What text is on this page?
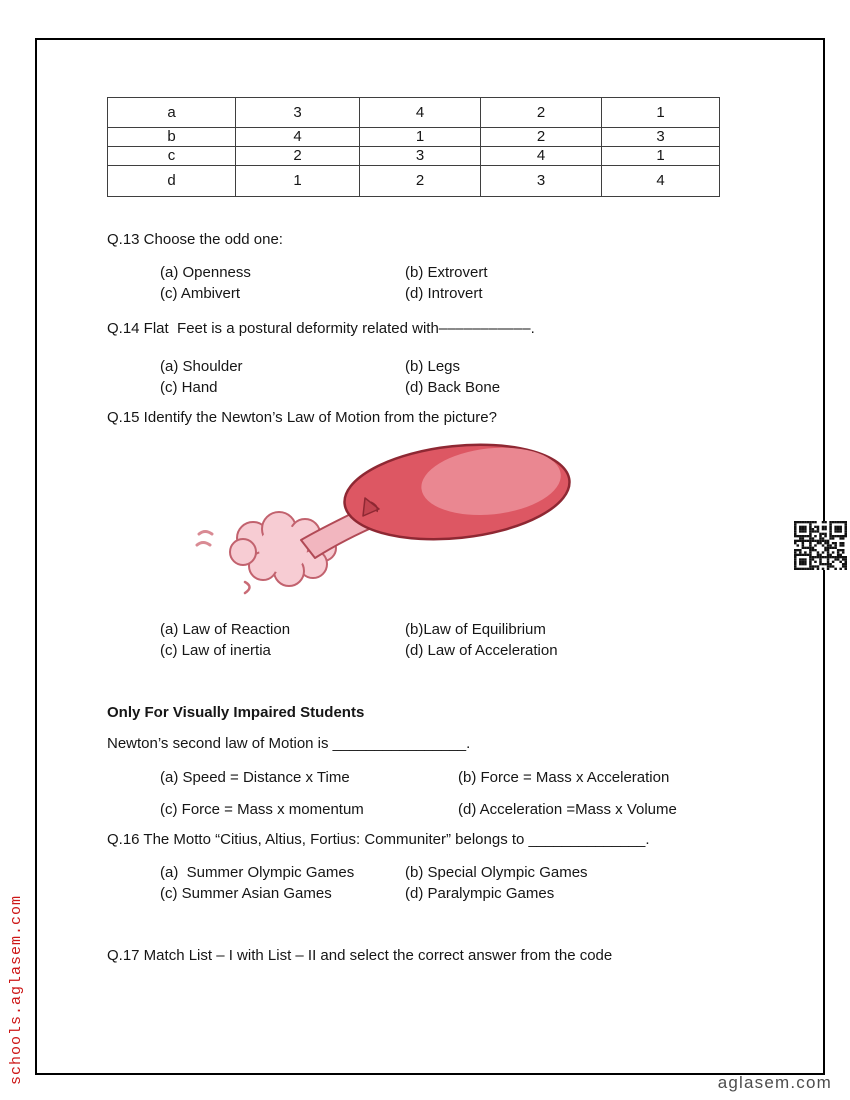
a	3	4	2	1
b	4	1	2	3
c	2	3	4	1
d	1	2	3	4
Q.13 Choose the odd one:
(a) Openness	(b) Extrovert
(c) Ambivert	(d) Introvert
Q.14 Flat  Feet is a postural deformity related with–––––––––––.
(a) Shoulder	(b) Legs
(c) Hand	(d) Back Bone
Q.15 Identify the Newton’s Law of Motion from the picture?
(a) Law of Reaction	(b)Law of Equilibrium
(c) Law of inertia	(d) Law of Acceleration
Only For Visually Impaired Students
Newton’s second law of Motion is ________________.
(a) Speed = Distance x Time	(b) Force = Mass x Acceleration
(c) Force = Mass x momentum	(d) Acceleration =Mass x Volume
Q.16 The Motto “Citius, Altius, Fortius: Communiter” belongs to ______________.
(a)  Summer Olympic Games	(b) Special Olympic Games
(c) Summer Asian Games	(d) Paralympic Games
Q.17 Match List – I with List – II and select the correct answer from the code
schools.aglasem.com	aglasem.com
